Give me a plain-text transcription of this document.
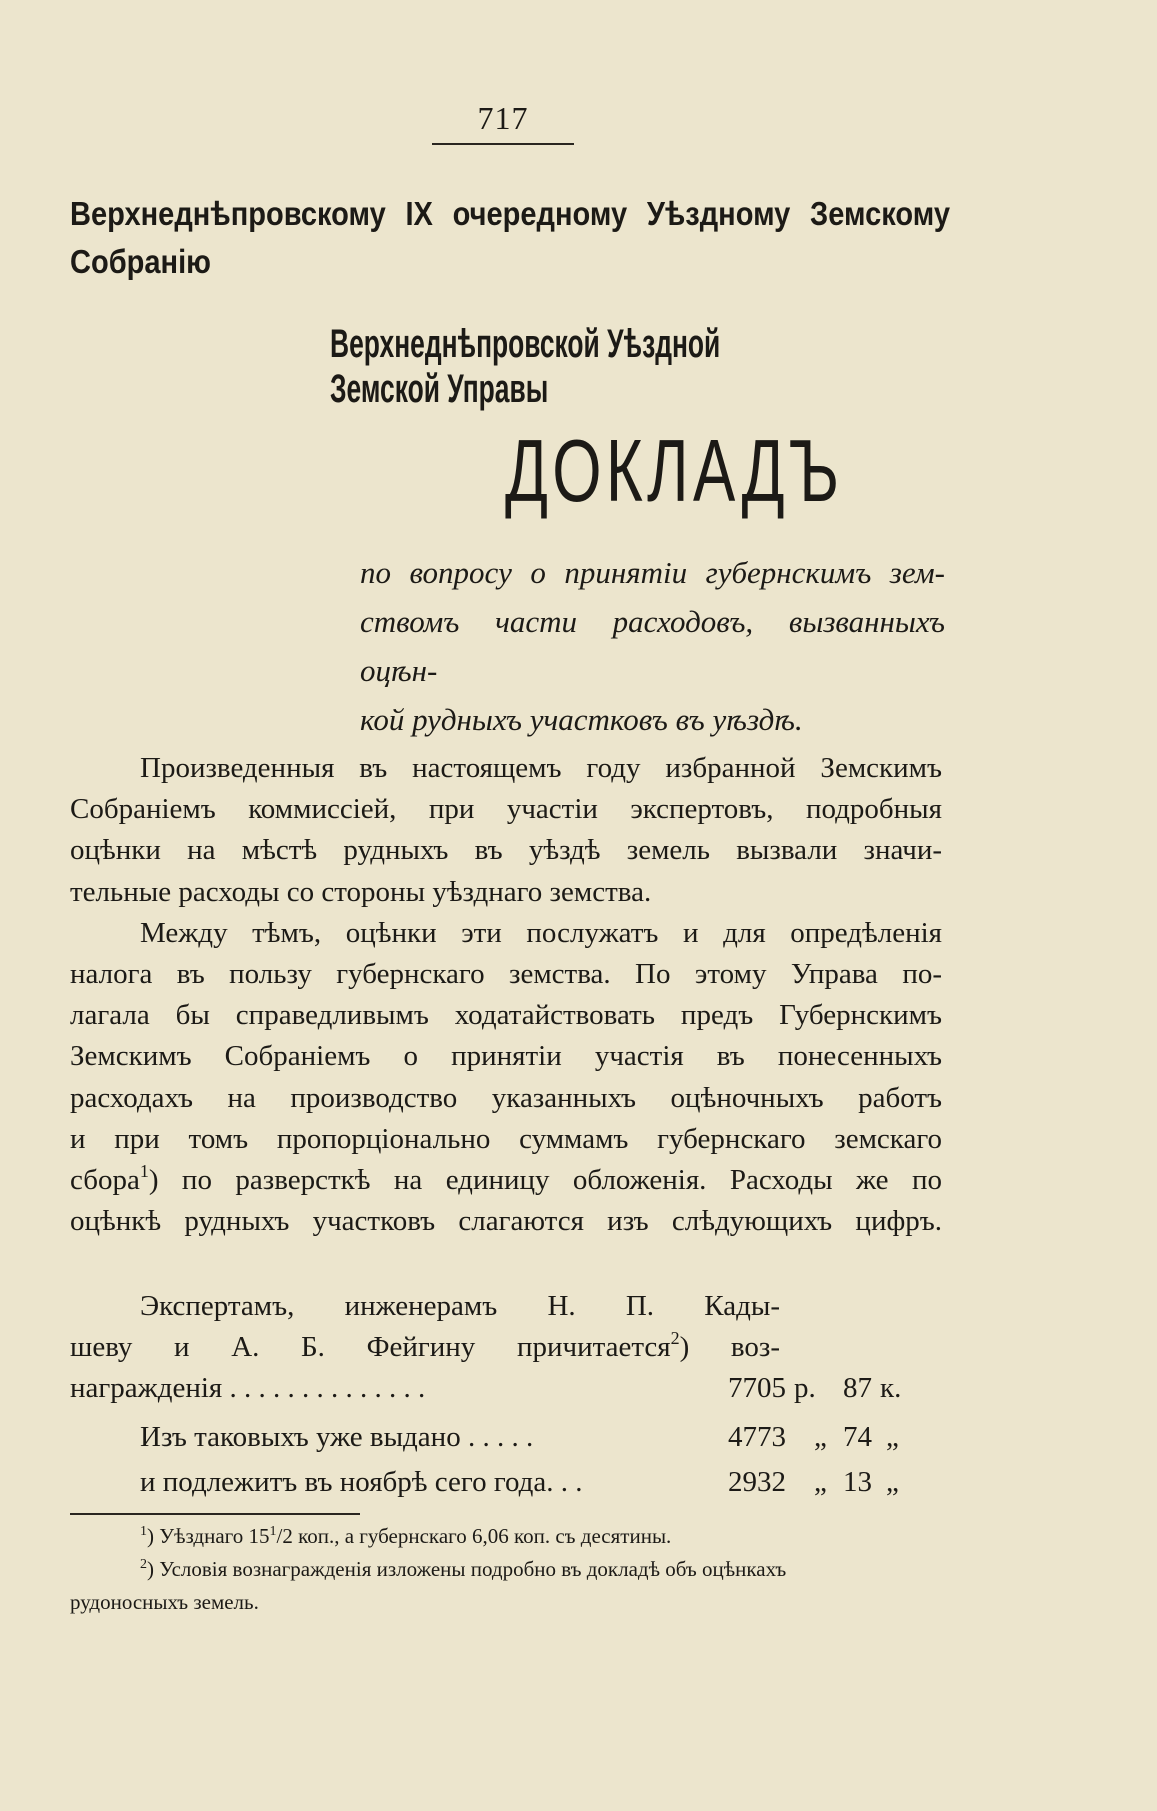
717
Верхнеднѣпровскому IX очередному Уѣздному Земскому Собранію
Верхнеднѣпровской Уѣздной Земской Управы
ДОКЛАДЪ
по вопросу о принятіи губернскимъ зем-
ствомъ части расходовъ, вызванныхъ оцѣн-
кой рудныхъ участковъ въ уѣздѣ.
Произведенныя въ настоящемъ году избранной Земскимъ
Собраніемъ коммиссіей, при участіи экспертовъ, подробныя
оцѣнки на мѣстѣ рудныхъ въ уѣздѣ земель вызвали значи-
тельные расходы со стороны уѣзднаго земства.
Между тѣмъ, оцѣнки эти послужатъ и для опредѣленія
налога въ пользу губернскаго земства. По этому Управа по-
лагала бы справедливымъ ходатайствовать предъ Губернскимъ
Земскимъ Собраніемъ о принятіи участія въ понесенныхъ
расходахъ на производство указанныхъ оцѣночныхъ работъ
и при томъ пропорціонально суммамъ губернскаго земскаго
сбора$^1$) по разверсткѣ на единицу обложенія. Расходы же по
оцѣнкѣ рудныхъ участковъ слагаются изъ слѣдующихъ цифръ.
Экспертамъ, инженерамъ Н. П. Кады-
шеву и А. Б. Фейгину причитается$^2$) воз-
награжденія . . . . . . . . . . . . . .	7705 р. 87 к.
Изъ таковыхъ уже выдано . . . . .	4773 „ 74 „
и подлежитъ въ ноябрѣ сего года. . .	2932 „ 13 „
$^1$) Уѣзднаго $15^1/2$ коп., а губернскаго 6,06 коп. съ десятины.
$^2$) Условія вознагражденія изложены подробно въ докладѣ объ оцѣнкахъ
рудоносныхъ земель.
